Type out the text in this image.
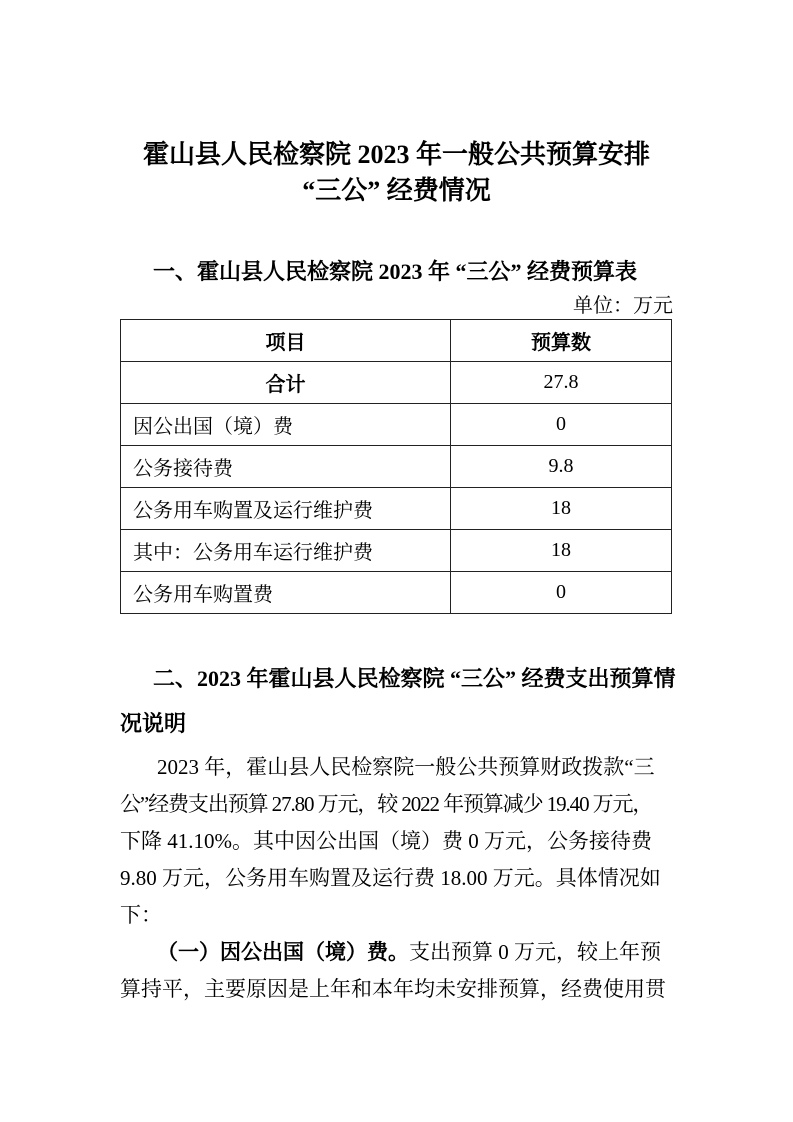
霍山县人民检察院 2023 年一般公共预算安排
“三公” 经费情况
一、霍山县人民检察院 2023 年 “三公” 经费预算表
单位：万元
项目	预算数
合计	27.8
因公出国（境）费	0
公务接待费	9.8
公务用车购置及运行维护费	18
其中：公务用车运行维护费	18
公务用车购置费	0
二、2023 年霍山县人民检察院 “三公” 经费支出预算情
况说明
2023 年，霍山县人民检察院一般公共预算财政拨款“三
公”经费支出预算 27.80 万元，较 2022 年预算减少 19.40 万元，
下降 41.10%。其中因公出国（境）费 0 万元，公务接待费
9.80 万元，公务用车购置及运行费 18.00 万元。具体情况如
下：
（一）因公出国（境）费。支出预算 0 万元，较上年预
算持平，主要原因是上年和本年均未安排预算，经费使用贯
